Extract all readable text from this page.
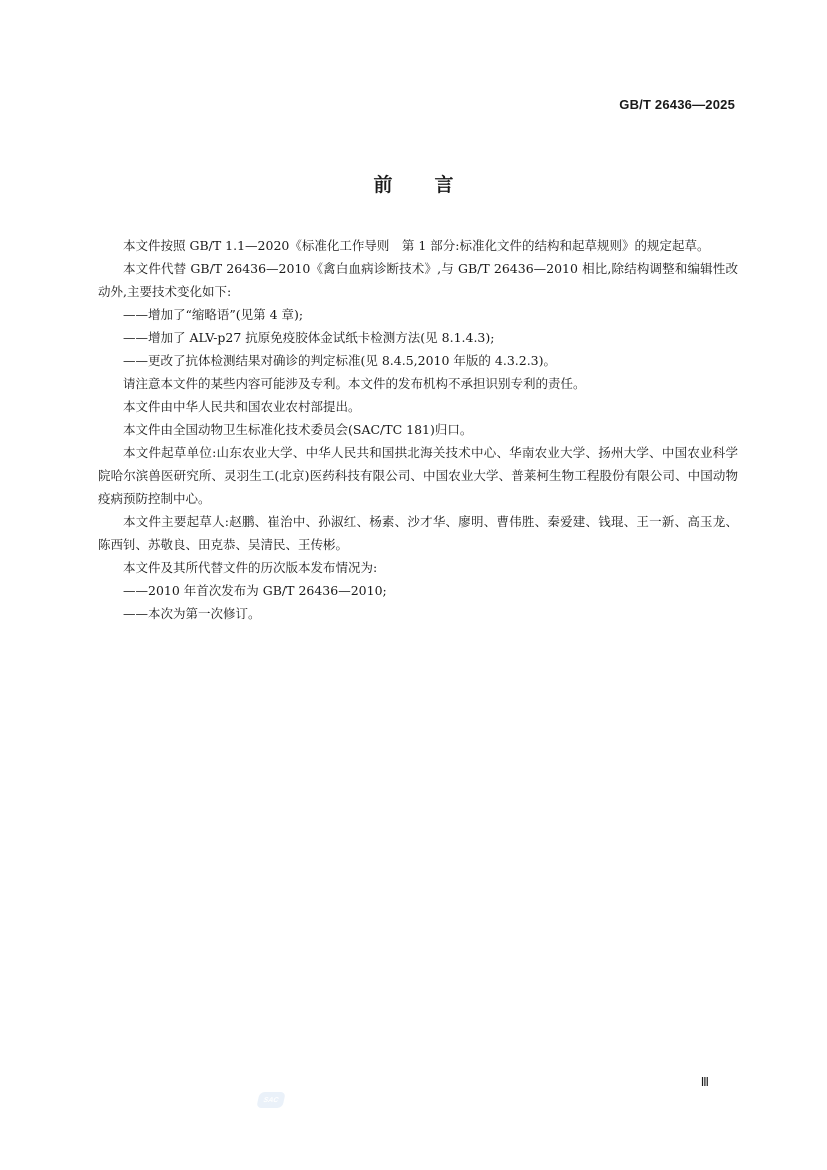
GB/T 26436—2025
前言

本文件按照 GB/T 1.1—2020《标准化工作导则　第 1 部分:标准化文件的结构和起草规则》的规定起草。

本文件代替 GB/T 26436—2010《禽白血病诊断技术》,与 GB/T 26436—2010 相比,除结构调整和编辑性改动外,主要技术变化如下:

——增加了“缩略语”(见第 4 章);

——增加了 ALV-p27 抗原免疫胶体金试纸卡检测方法(见 8.1.4.3);

——更改了抗体检测结果对确诊的判定标准(见 8.4.5,2010 年版的 4.3.2.3)。

请注意本文件的某些内容可能涉及专利。本文件的发布机构不承担识别专利的责任。

本文件由中华人民共和国农业农村部提出。

本文件由全国动物卫生标准化技术委员会(SAC/TC 181)归口。

本文件起草单位:山东农业大学、中华人民共和国拱北海关技术中心、华南农业大学、扬州大学、中国农业科学院哈尔滨兽医研究所、灵羽生工(北京)医药科技有限公司、中国农业大学、普莱柯生物工程股份有限公司、中国动物疫病预防控制中心。

本文件主要起草人:赵鹏、崔治中、孙淑红、杨素、沙才华、廖明、曹伟胜、秦爱建、钱琨、王一新、高玉龙、陈西钊、苏敬良、田克恭、吴清民、王传彬。

本文件及其所代替文件的历次版本发布情况为:

——2010 年首次发布为 GB/T 26436—2010;

——本次为第一次修订。

SAC
Ⅲ
